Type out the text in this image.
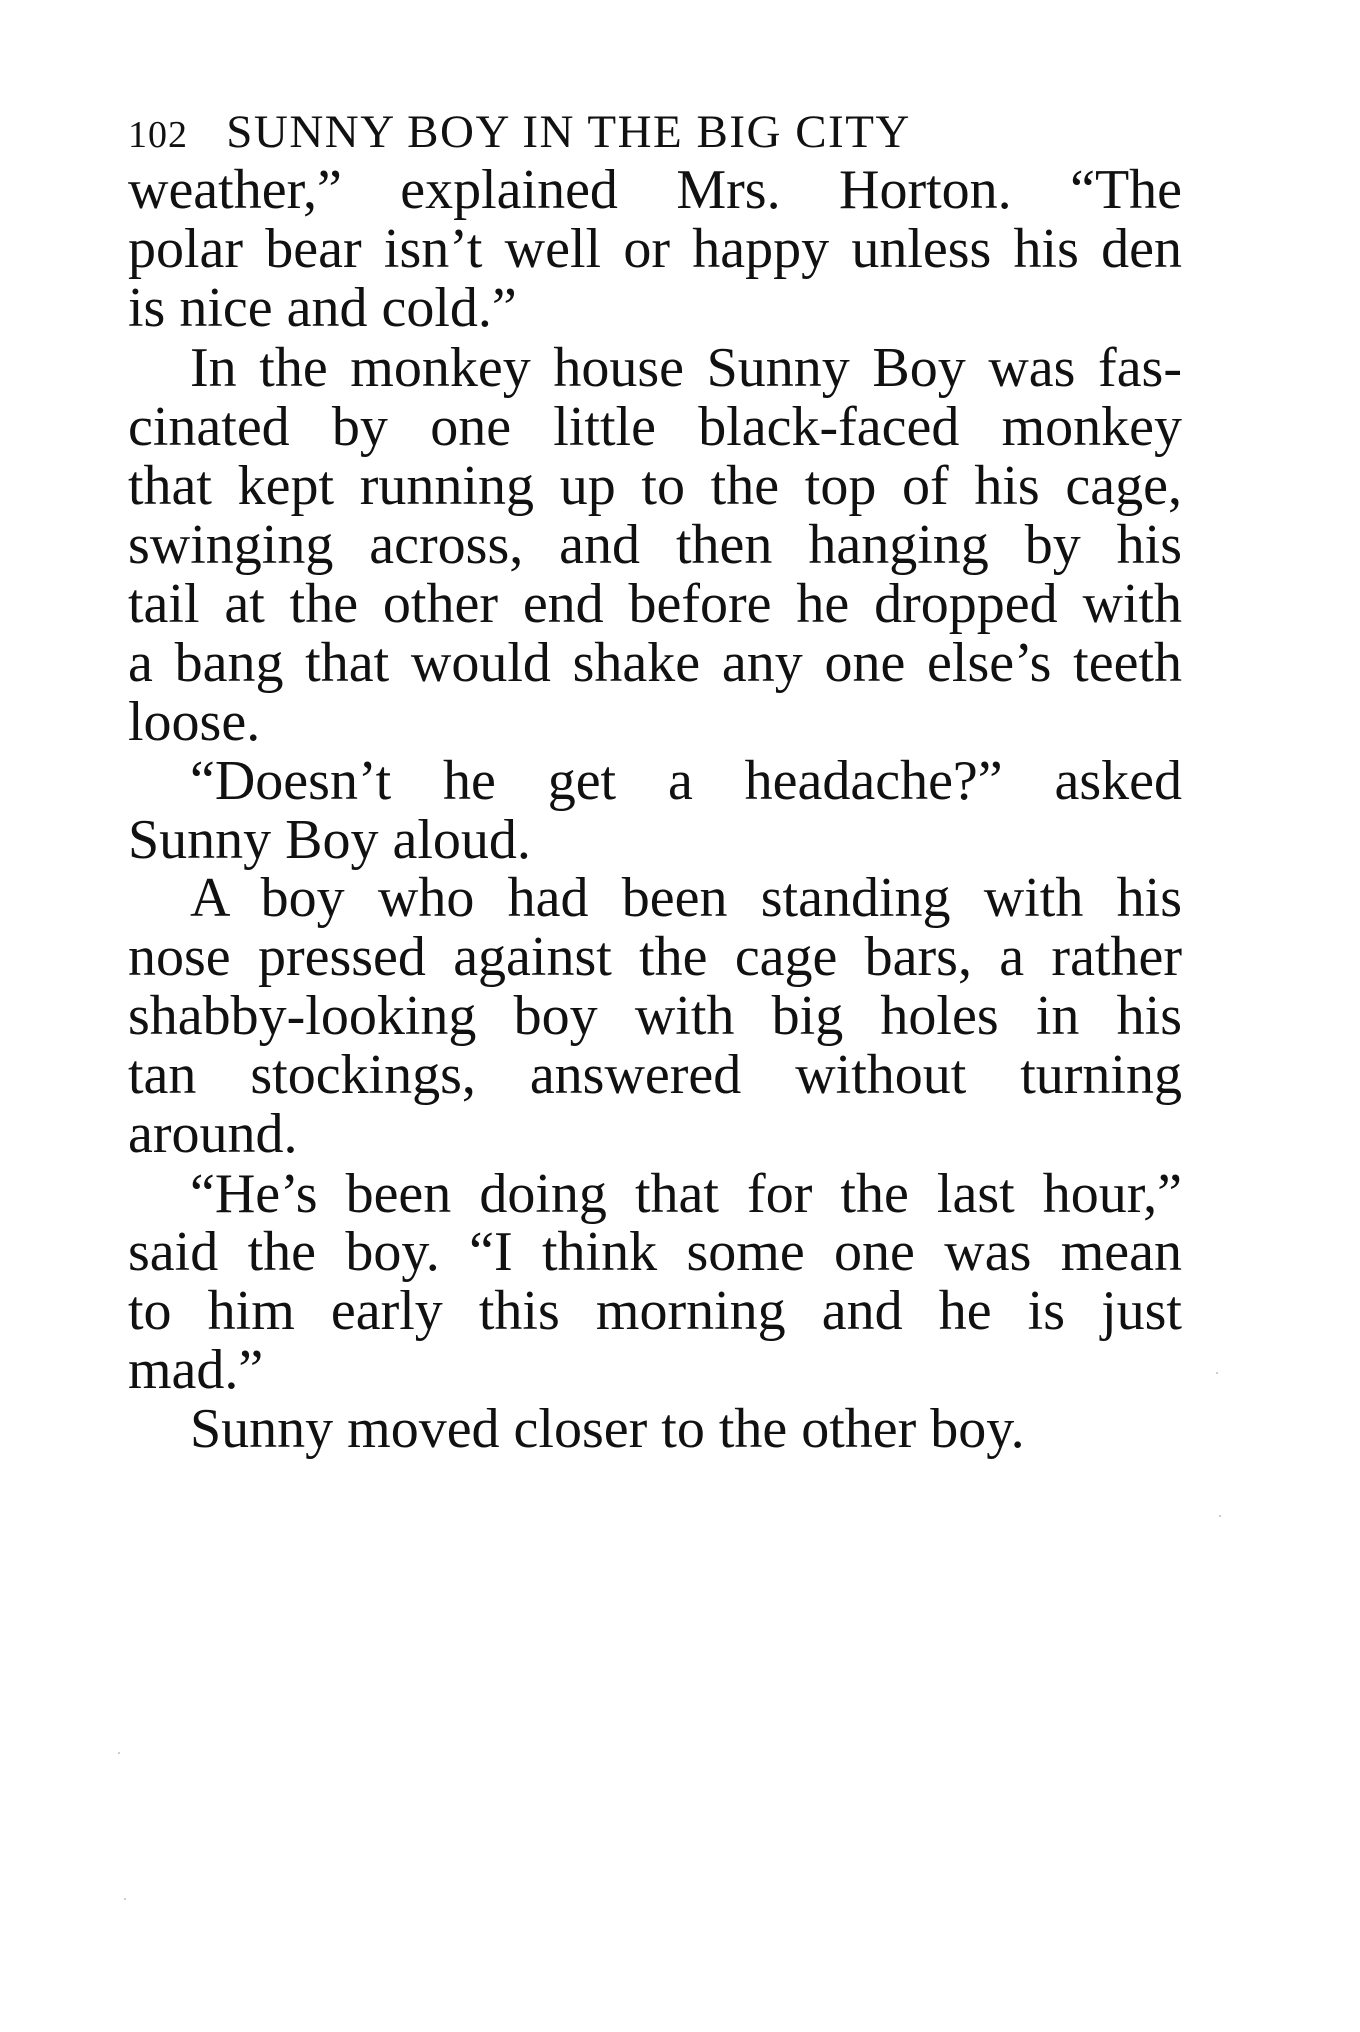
102 SUNNY BOY IN THE BIG CITY
weather,” explained Mrs. Horton. “The
polar bear isn’t well or happy unless his den
is nice and cold.”
In the monkey house Sunny Boy was fas-
cinated by one little black-faced monkey
that kept running up to the top of his cage,
swinging across, and then hanging by his
tail at the other end before he dropped with
a bang that would shake any one else’s teeth
loose.
“Doesn’t he get a headache?” asked
Sunny Boy aloud.
A boy who had been standing with his
nose pressed against the cage bars, a rather
shabby-looking boy with big holes in his
tan stockings, answered without turning
around.
“He’s been doing that for the last hour,”
said the boy. “I think some one was mean
to him early this morning and he is just
mad.”
Sunny moved closer to the other boy.
